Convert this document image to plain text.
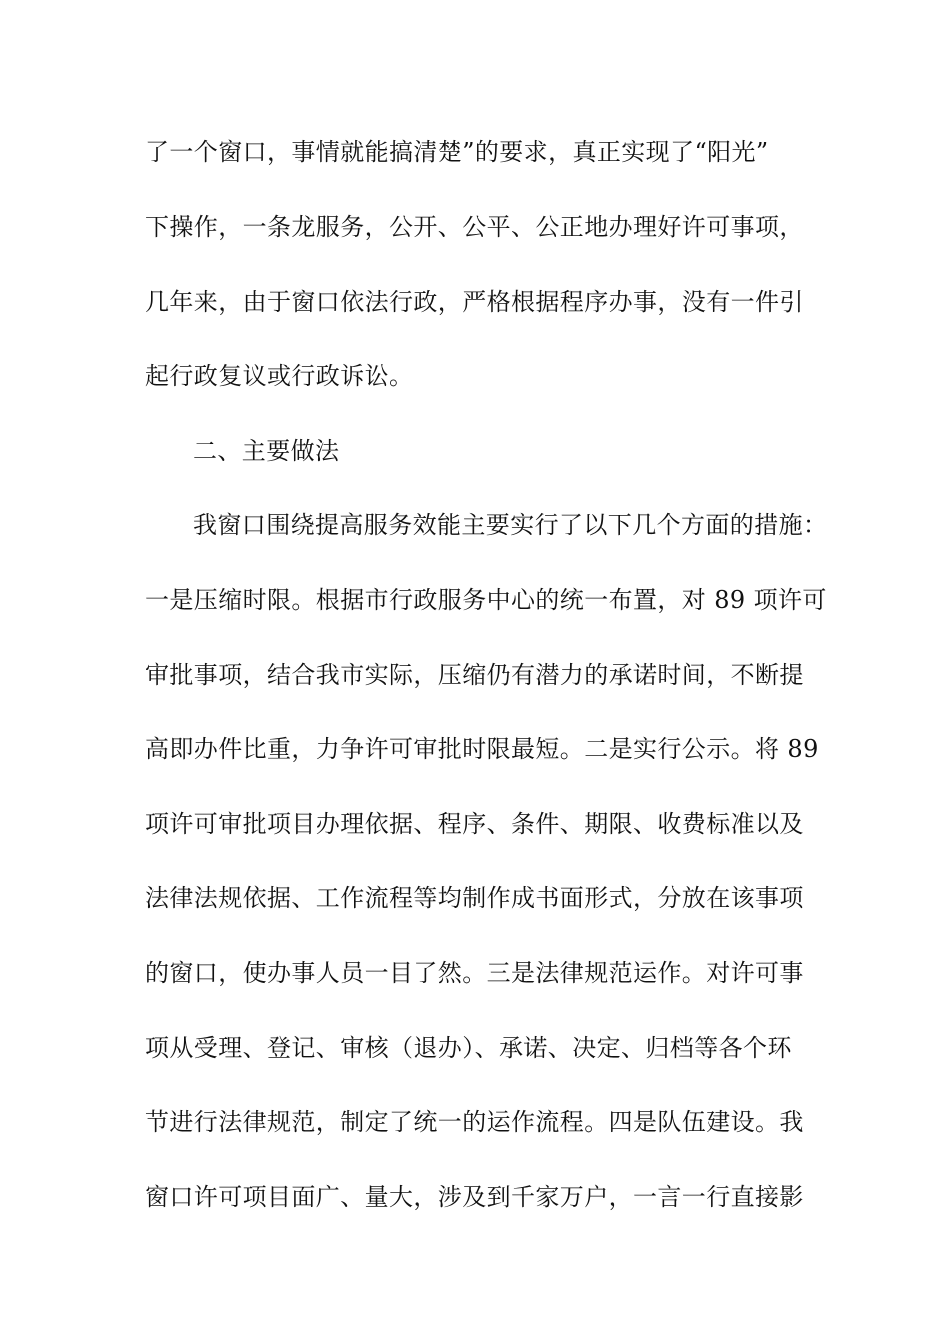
了一个窗口，事情就能搞清楚”的要求，真正实现了“阳光”
下操作，一条龙服务，公开、公平、公正地办理好许可事项，
几年来，由于窗口依法行政，严格根据程序办事，没有一件引
起行政复议或行政诉讼。
二、主要做法
我窗口围绕提高服务效能主要实行了以下几个方面的措施：
一是压缩时限。根据市行政服务中心的统一布置，对 89 项许可
审批事项，结合我市实际，压缩仍有潜力的承诺时间，不断提
高即办件比重，力争许可审批时限最短。二是实行公示。将 89
项许可审批项目办理依据、程序、条件、期限、收费标准以及
法律法规依据、工作流程等均制作成书面形式，分放在该事项
的窗口，使办事人员一目了然。三是法律规范运作。对许可事
项从受理、登记、审核（退办）、承诺、决定、归档等各个环
节进行法律规范，制定了统一的运作流程。四是队伍建设。我
窗口许可项目面广、量大，涉及到千家万户，一言一行直接影
